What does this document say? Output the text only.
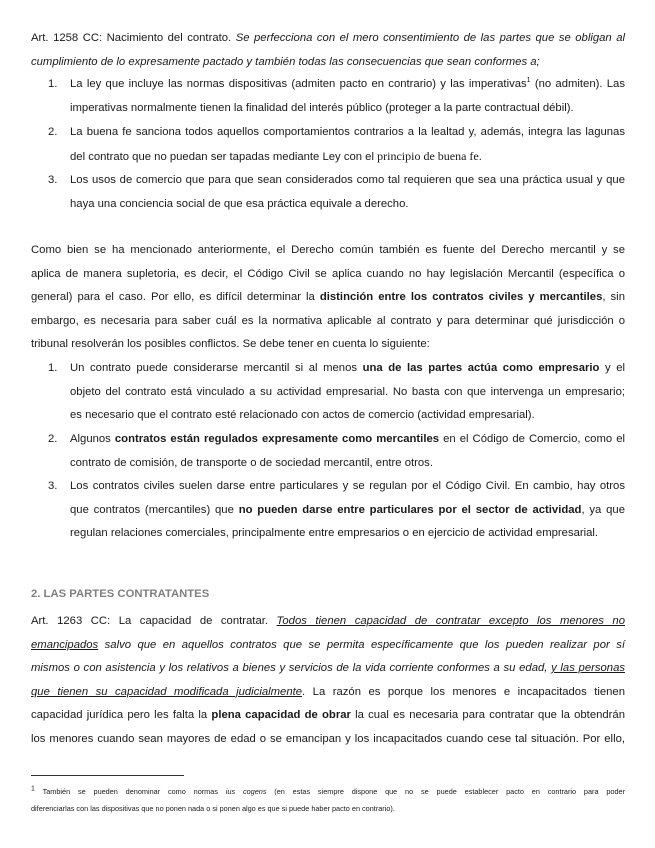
Art. 1258 CC: Nacimiento del contrato. Se perfecciona con el mero consentimiento de las partes que se obligan al
cumplimiento de lo expresamente pactado y también todas las consecuencias que sean conformes a;

1.	La ley que incluye las normas dispositivas (admiten pacto en contrario) y las imperativas$^1$ (no admiten). Las
imperativas normalmente tienen la finalidad del interés público (proteger a la parte contractual débil).

2.	La buena fe sanciona todos aquellos comportamientos contrarios a la lealtad y, además, integra las lagunas
del contrato que no puedan ser tapadas mediante Ley con el principio de buena fe.

3.	Los usos de comercio que para que sean considerados como tal requieren que sea una práctica usual y que
haya una conciencia social de que esa práctica equivale a derecho.

Como bien se ha mencionado anteriormente, el Derecho común también es fuente del Derecho mercantil y se
aplica de manera supletoria, es decir, el Código Civil se aplica cuando no hay legislación Mercantil (específica o
general) para el caso. Por ello, es difícil determinar la distinción entre los contratos civiles y mercantiles, sin
embargo, es necesaria para saber cuál es la normativa aplicable al contrato y para determinar qué jurisdicción o
tribunal resolverán los posibles conflictos. Se debe tener en cuenta lo siguiente:

1.	Un contrato puede considerarse mercantil si al menos una de las partes actúa como empresario y el
objeto del contrato está vinculado a su actividad empresarial. No basta con que intervenga un empresario;
es necesario que el contrato esté relacionado con actos de comercio (actividad empresarial).

2.	Algunos contratos están regulados expresamente como mercantiles en el Código de Comercio, como el
contrato de comisión, de transporte o de sociedad mercantil, entre otros.

3.	Los contratos civiles suelen darse entre particulares y se regulan por el Código Civil. En cambio, hay otros
que contratos (mercantiles) que no pueden darse entre particulares por el sector de actividad, ya que
regulan relaciones comerciales, principalmente entre empresarios o en ejercicio de actividad empresarial.

2. LAS PARTES CONTRATANTES

Art. 1263 CC: La capacidad de contratar. Todos tienen capacidad de contratar excepto los menores no
emancipados salvo que en aquellos contratos que se permita específicamente que los pueden realizar por sí
mismos o con asistencia y los relativos a bienes y servicios de la vida corriente conformes a su edad, y las personas
que tienen su capacidad modificada judicialmente. La razón es porque los menores e incapacitados tienen
capacidad jurídica pero les falta la plena capacidad de obrar la cual es necesaria para contratar que la obtendrán
los menores cuando sean mayores de edad o se emancipan y los incapacitados cuando cese tal situación. Por ello,

$^1$ También se pueden denominar como normas ius cogens (en estas siempre dispone que no se puede establecer pacto en contrario para poder
diferenciarlas con las dispositivas que no ponen nada o si ponen algo es que si puede haber pacto en contrario).
